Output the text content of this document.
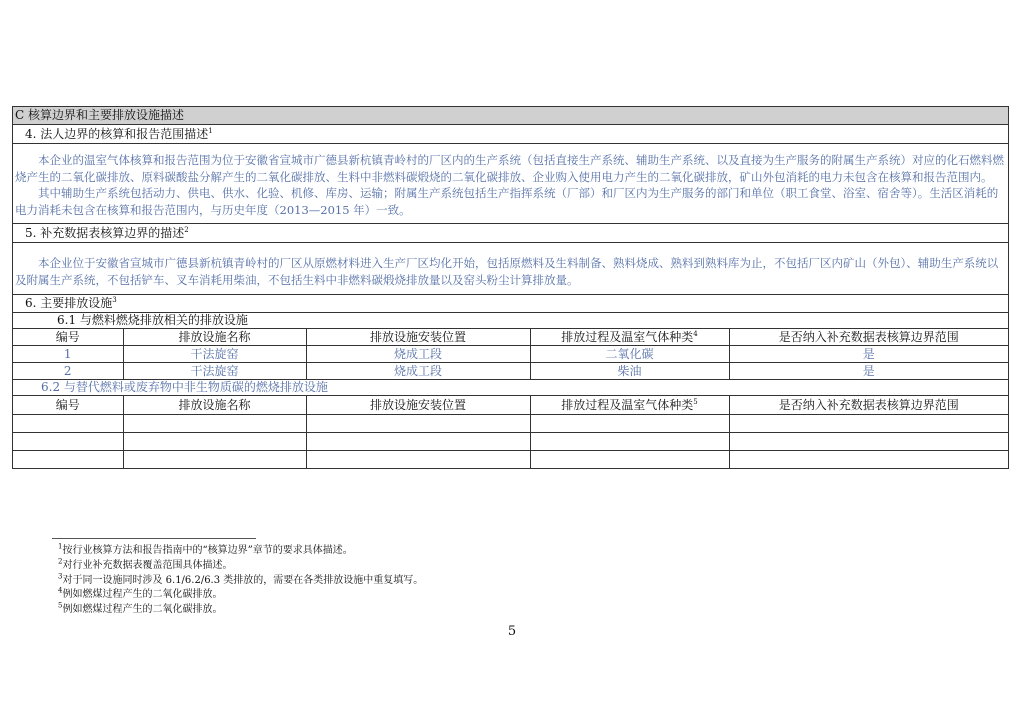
C 核算边界和主要排放设施描述
4. 法人边界的核算和报告范围描述$^1$

本企业的温室气体核算和报告范围为位于安徽省宣城市广德县新杭镇青岭村的厂区内的生产系统（包括直接生产系统、辅助生产系统、以及直接为生产服务的附属生产系统）对应的化石燃料燃烧产生的二氧化碳排放、原料碳酸盐分解产生的二氧化碳排放、生料中非燃料碳煅烧的二氧化碳排放、企业购入使用电力产生的二氧化碳排放，矿山外包消耗的电力未包含在核算和报告范围内。

其中辅助生产系统包括动力、供电、供水、化验、机修、库房、运输；附属生产系统包括生产指挥系统（厂部）和厂区内为生产服务的部门和单位（职工食堂、浴室、宿舍等）。生活区消耗的电力消耗未包含在核算和报告范围内，与历史年度（2013—2015 年）一致。

5. 补充数据表核算边界的描述$^2$

本企业位于安徽省宣城市广德县新杭镇青岭村的厂区从原燃材料进入生产厂区均化开始，包括原燃料及生料制备、熟料烧成、熟料到熟料库为止，不包括厂区内矿山（外包）、辅助生产系统以及附属生产系统，不包括铲车、叉车消耗用柴油，不包括生料中非燃料碳煅烧排放量以及窑头粉尘计算排放量。

6. 主要排放设施$^3$
6.1 与燃料燃烧排放相关的排放设施
编号	排放设施名称	排放设施安装位置	排放过程及温室气体种类$^4$	是否纳入补充数据表核算边界范围
1	干法旋窑	烧成工段	二氧化碳	是
2	干法旋窑	烧成工段	柴油	是
6.2 与替代燃料或废弃物中非生物质碳的燃烧排放设施
编号	排放设施名称	排放设施安装位置	排放过程及温室气体种类$^5$	是否纳入补充数据表核算边界范围

$^1$按行业核算方法和报告指南中的“核算边界”章节的要求具体描述。
$^2$对行业补充数据表覆盖范围具体描述。
$^3$对于同一设施同时涉及 6.1/6.2/6.3 类排放的，需要在各类排放设施中重复填写。
$^4$例如燃煤过程产生的二氧化碳排放。
$^5$例如燃煤过程产生的二氧化碳排放。
5
